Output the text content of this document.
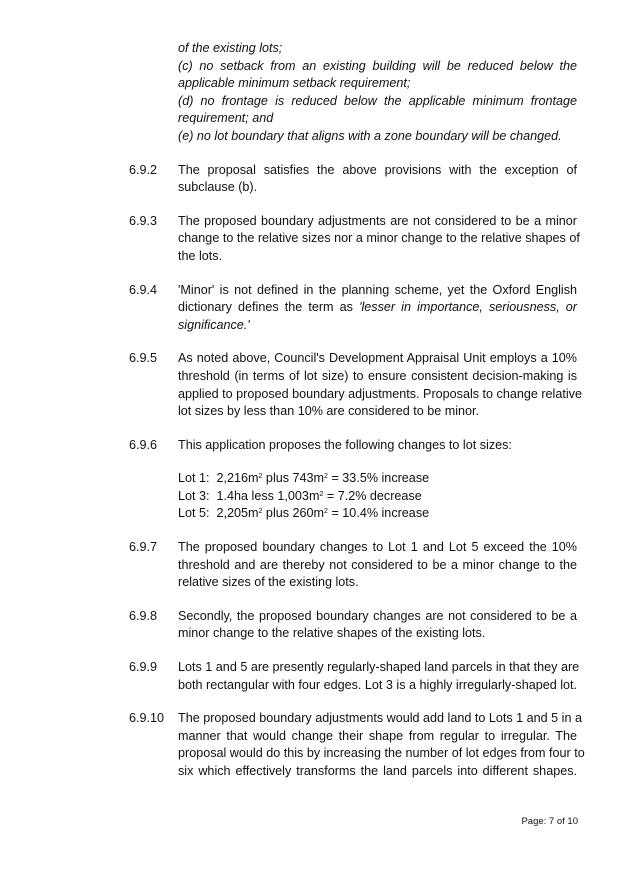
of the existing lots;
(c) no setback from an existing building will be reduced below the
applicable minimum setback requirement;
(d) no frontage is reduced below the applicable minimum frontage
requirement; and
(e) no lot boundary that aligns with a zone boundary will be changed.
6.9.2 The proposal satisfies the above provisions with the exception of
subclause (b).
6.9.3 The proposed boundary adjustments are not considered to be a minor
change to the relative sizes nor a minor change to the relative shapes of
the lots.
6.9.4 'Minor' is not defined in the planning scheme, yet the Oxford English
dictionary defines the term as 'lesser in importance, seriousness, or
significance.'
6.9.5 As noted above, Council's Development Appraisal Unit employs a 10%
threshold (in terms of lot size) to ensure consistent decision-making is
applied to proposed boundary adjustments. Proposals to change relative
lot sizes by less than 10% are considered to be minor.
6.9.6 This application proposes the following changes to lot sizes:
Lot 1: $2,216m^2$ plus $743m^2 = 33.5\%$ increase
Lot 3: 1.4ha less $1,003m^2 = 7.2\%$ decrease
Lot 5: $2,205m^2$ plus $260m^2 = 10.4\%$ increase
6.9.7 The proposed boundary changes to Lot 1 and Lot 5 exceed the 10%
threshold and are thereby not considered to be a minor change to the
relative sizes of the existing lots.
6.9.8 Secondly, the proposed boundary changes are not considered to be a
minor change to the relative shapes of the existing lots.
6.9.9 Lots 1 and 5 are presently regularly-shaped land parcels in that they are
both rectangular with four edges. Lot 3 is a highly irregularly-shaped lot.
6.9.10 The proposed boundary adjustments would add land to Lots 1 and 5 in a
manner that would change their shape from regular to irregular. The
proposal would do this by increasing the number of lot edges from four to
six which effectively transforms the land parcels into different shapes.
Page: 7 of 10
